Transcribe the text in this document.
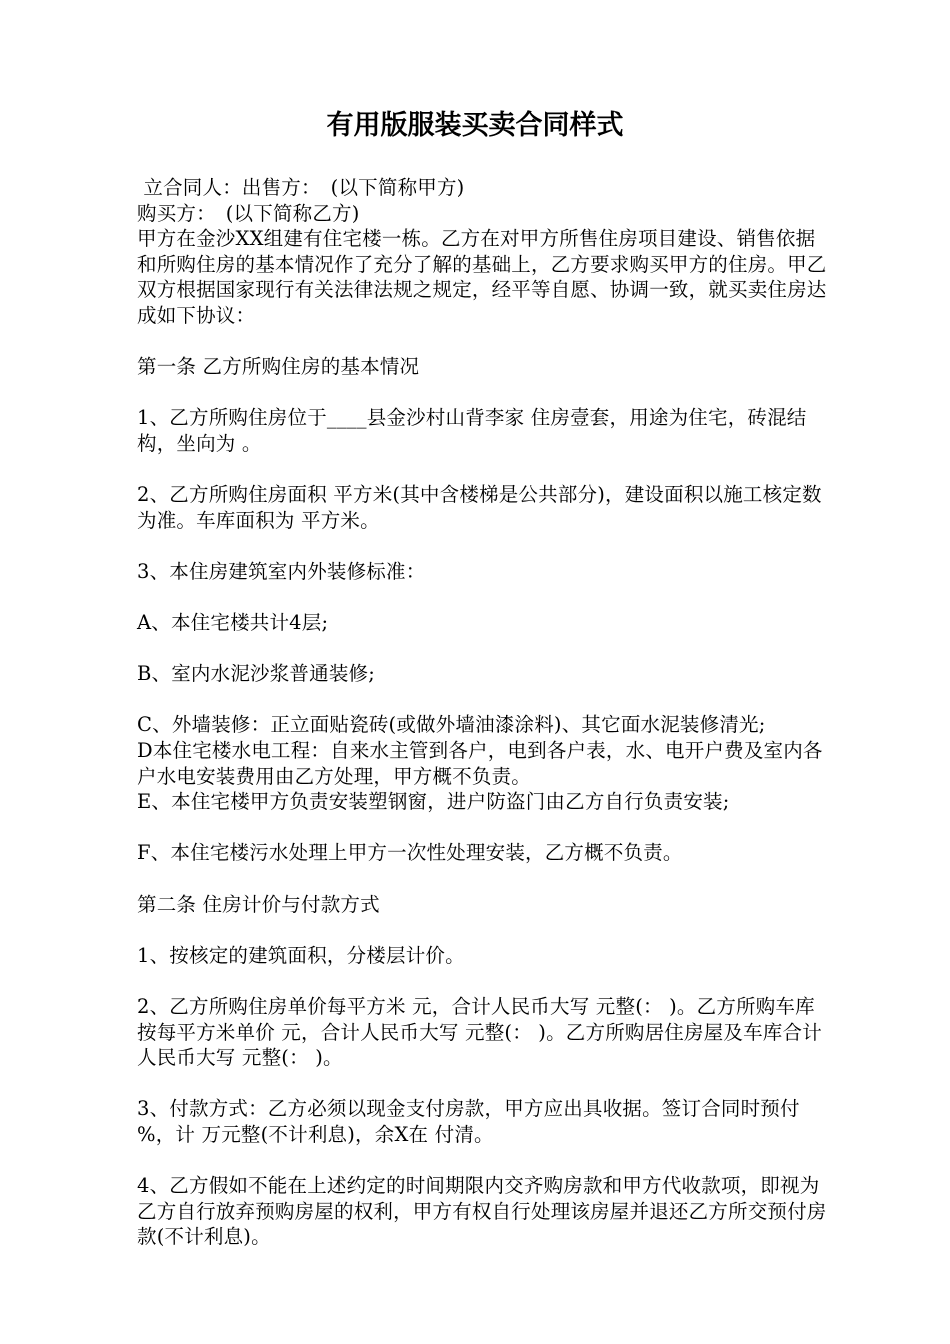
有用版服装买卖合同样式

立合同人：出售方：　(以下简称甲方)

购买方：　(以下简称乙方)

甲方在金沙XX组建有住宅楼一栋。乙方在对甲方所售住房项目建设、销售依据和所购住房的基本情况作了充分了解的基础上，乙方要求购买甲方的住房。甲乙双方根据国家现行有关法律法规之规定，经平等自愿、协调一致，就买卖住房达成如下协议：

第一条 乙方所购住房的基本情况

1、乙方所购住房位于____县金沙村山背李家 住房壹套，用途为住宅，砖混结构，坐向为 。

2、乙方所购住房面积 平方米(其中含楼梯是公共部分)，建设面积以施工核定数为准。车库面积为 平方米。

3、本住房建筑室内外装修标准：

A、本住宅楼共计4层;

B、室内水泥沙浆普通装修;

C、外墙装修：正立面贴瓷砖(或做外墙油漆涂料)、其它面水泥装修清光;

D本住宅楼水电工程：自来水主管到各户，电到各户表，水、电开户费及室内各户水电安装费用由乙方处理，甲方概不负责。

E、本住宅楼甲方负责安装塑钢窗，进户防盗门由乙方自行负责安装;

F、本住宅楼污水处理上甲方一次性处理安装，乙方概不负责。

第二条 住房计价与付款方式

1、按核定的建筑面积，分楼层计价。

2、乙方所购住房单价每平方米 元，合计人民币大写 元整(： )。乙方所购车库按每平方米单价 元，合计人民币大写 元整(： )。乙方所购居住房屋及车库合计人民币大写 元整(： )。

3、付款方式：乙方必须以现金支付房款，甲方应出具收据。签订合同时预付 %，计 万元整(不计利息)，余X在 付清。

4、乙方假如不能在上述约定的时间期限内交齐购房款和甲方代收款项，即视为乙方自行放弃预购房屋的权利，甲方有权自行处理该房屋并退还乙方所交预付房款(不计利息)。
